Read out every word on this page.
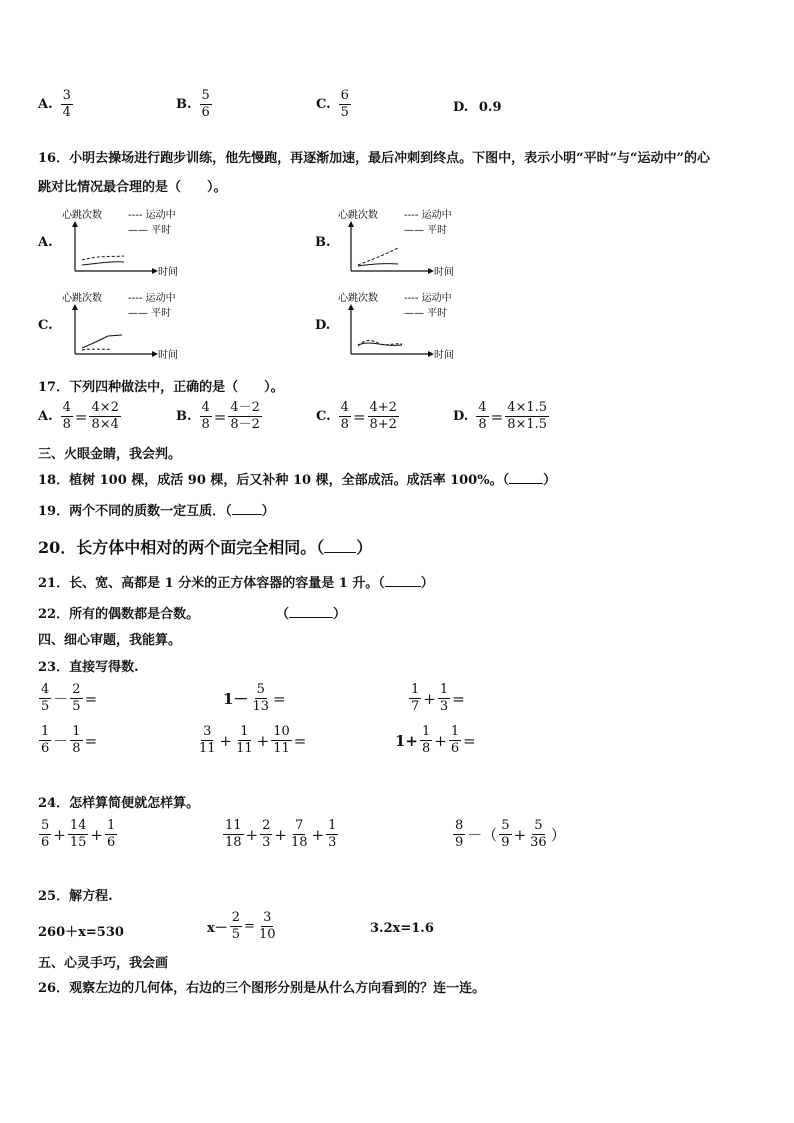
A. $\frac{3}{4}$	B. $\frac{5}{6}$	C. $\frac{6}{5}$	D. 0.9
16．小明去操场进行跑步训练，他先慢跑，再逐渐加速，最后冲刺到终点。下图中，表示小明“平时”与“运动中”的心
跳对比情况最合理的是（　　）。
A.
心跳次数	---- 运动中
—— 平时
时间
B.
心跳次数	---- 运动中
—— 平时
时间
C.
心跳次数	---- 运动中
—— 平时
时间
D.
心跳次数	---- 运动中
—— 平时
时间
17．下列四种做法中，正确的是（　　）。
A. $\frac{4}{8} = \frac{4\times 2}{8\times 4}$	B. $\frac{4}{8} = \frac{4-2}{8-2}$	C. $\frac{4}{8} = \frac{4+2}{8+2}$	D. $\frac{4}{8} = \frac{4\times 1.5}{8\times 1.5}$
三、火眼金睛，我会判。
18．植树 100 棵，成活 90 棵，后又补种 10 棵，全部成活。成活率 100%。（	）
19．两个不同的质数一定互质．（ ）
20．长方体中相对的两个面完全相同。（ ）
21．长、宽、高都是 1 分米的正方体容器的容量是 1 升。（	）
22．所有的偶数都是合数。	（	）
四、细心审题，我能算。
23．直接写得数.
$\frac{4}{5} - \frac{2}{5}$ =	$1- \frac{5}{13}$ =	$\frac{1}{7} + \frac{1}{3}$ =
$\frac{1}{6} - \frac{1}{8}$ =	$\frac{3}{11} + \frac{1}{11} + \frac{10}{11}$ =	$1+ \frac{1}{8} + \frac{1}{6}$ =
24．怎样算简便就怎样算。
$\frac{5}{6} + \frac{14}{15} + \frac{1}{6}$	$\frac{11}{18} + \frac{2}{3} + \frac{7}{18} + \frac{1}{3}$	$\frac{8}{9}$ －（ $\frac{5}{9} + \frac{5}{36}$ ）
25．解方程.
260＋x=530	$x- \frac{2}{5} = \frac{3}{10}$	3.2x=1.6
五、心灵手巧，我会画
26．观察左边的几何体，右边的三个图形分别是从什么方向看到的？连一连。
